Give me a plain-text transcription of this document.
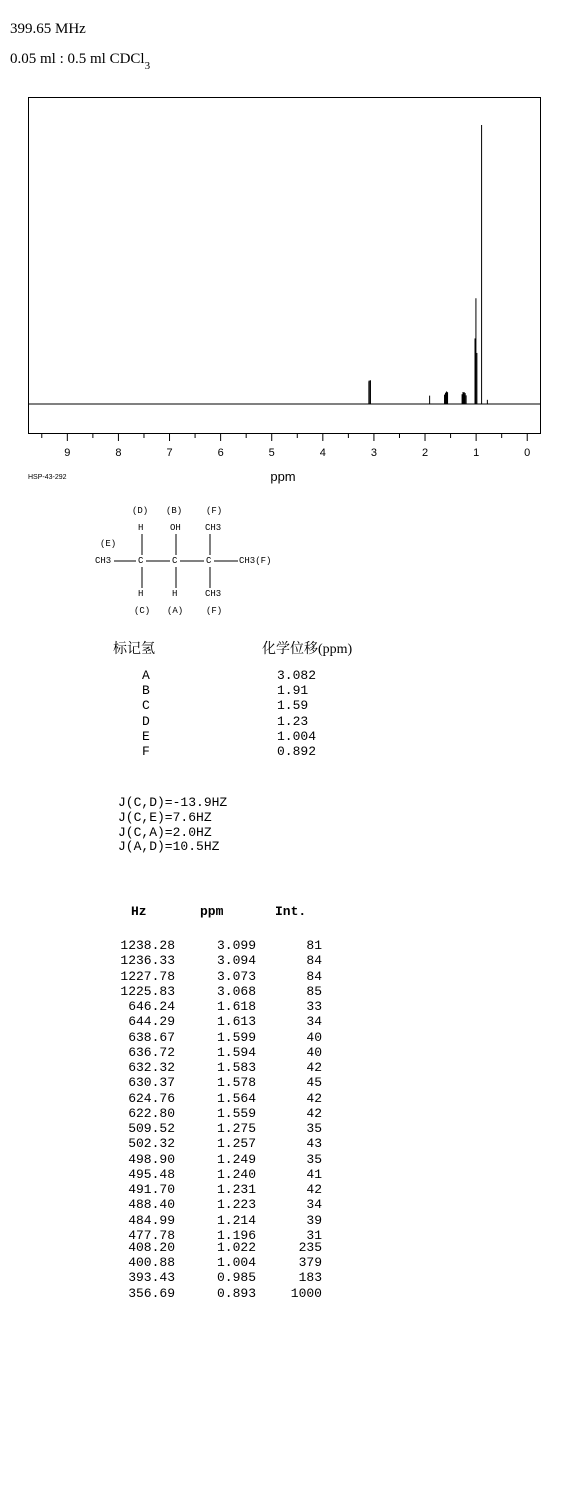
399.65 MHz
0.05 ml : 0.5 ml CDCl$_3$
9	8	7	6	5	4	3	2	1	0
ppm
HSP-43-292
(D) (B)	(F)
H	OH	CH3
(E)
CH3	C	C	C	CH3(F)
H	H	CH3
(C) (A)	(F)
标记氢	化学位移(ppm)
A	3.082
B	1.91
C	1.59
D	1.23
E	1.004
F	0.892
J(C,D)=-13.9HZ
J(C,E)=7.6HZ
J(C,A)=2.0HZ
J(A,D)=10.5HZ
Hz	ppm	Int.
1238.28	3.099	81
1236.33	3.094	84
1227.78	3.073	84
1225.83	3.068	85
646.24	1.618	33
644.29	1.613	34
638.67	1.599	40
636.72	1.594	40
632.32	1.583	42
630.37	1.578	45
624.76	1.564	42
622.80	1.559	42
509.52	1.275	35
502.32	1.257	43
498.90	1.249	35
495.48	1.240	41
491.70	1.231	42
488.40	1.223	34
484.99	1.214	39
477.78	1.196	31
408.20	1.022	235
400.88	1.004	379
393.43	0.985	183
356.69	0.893	1000
